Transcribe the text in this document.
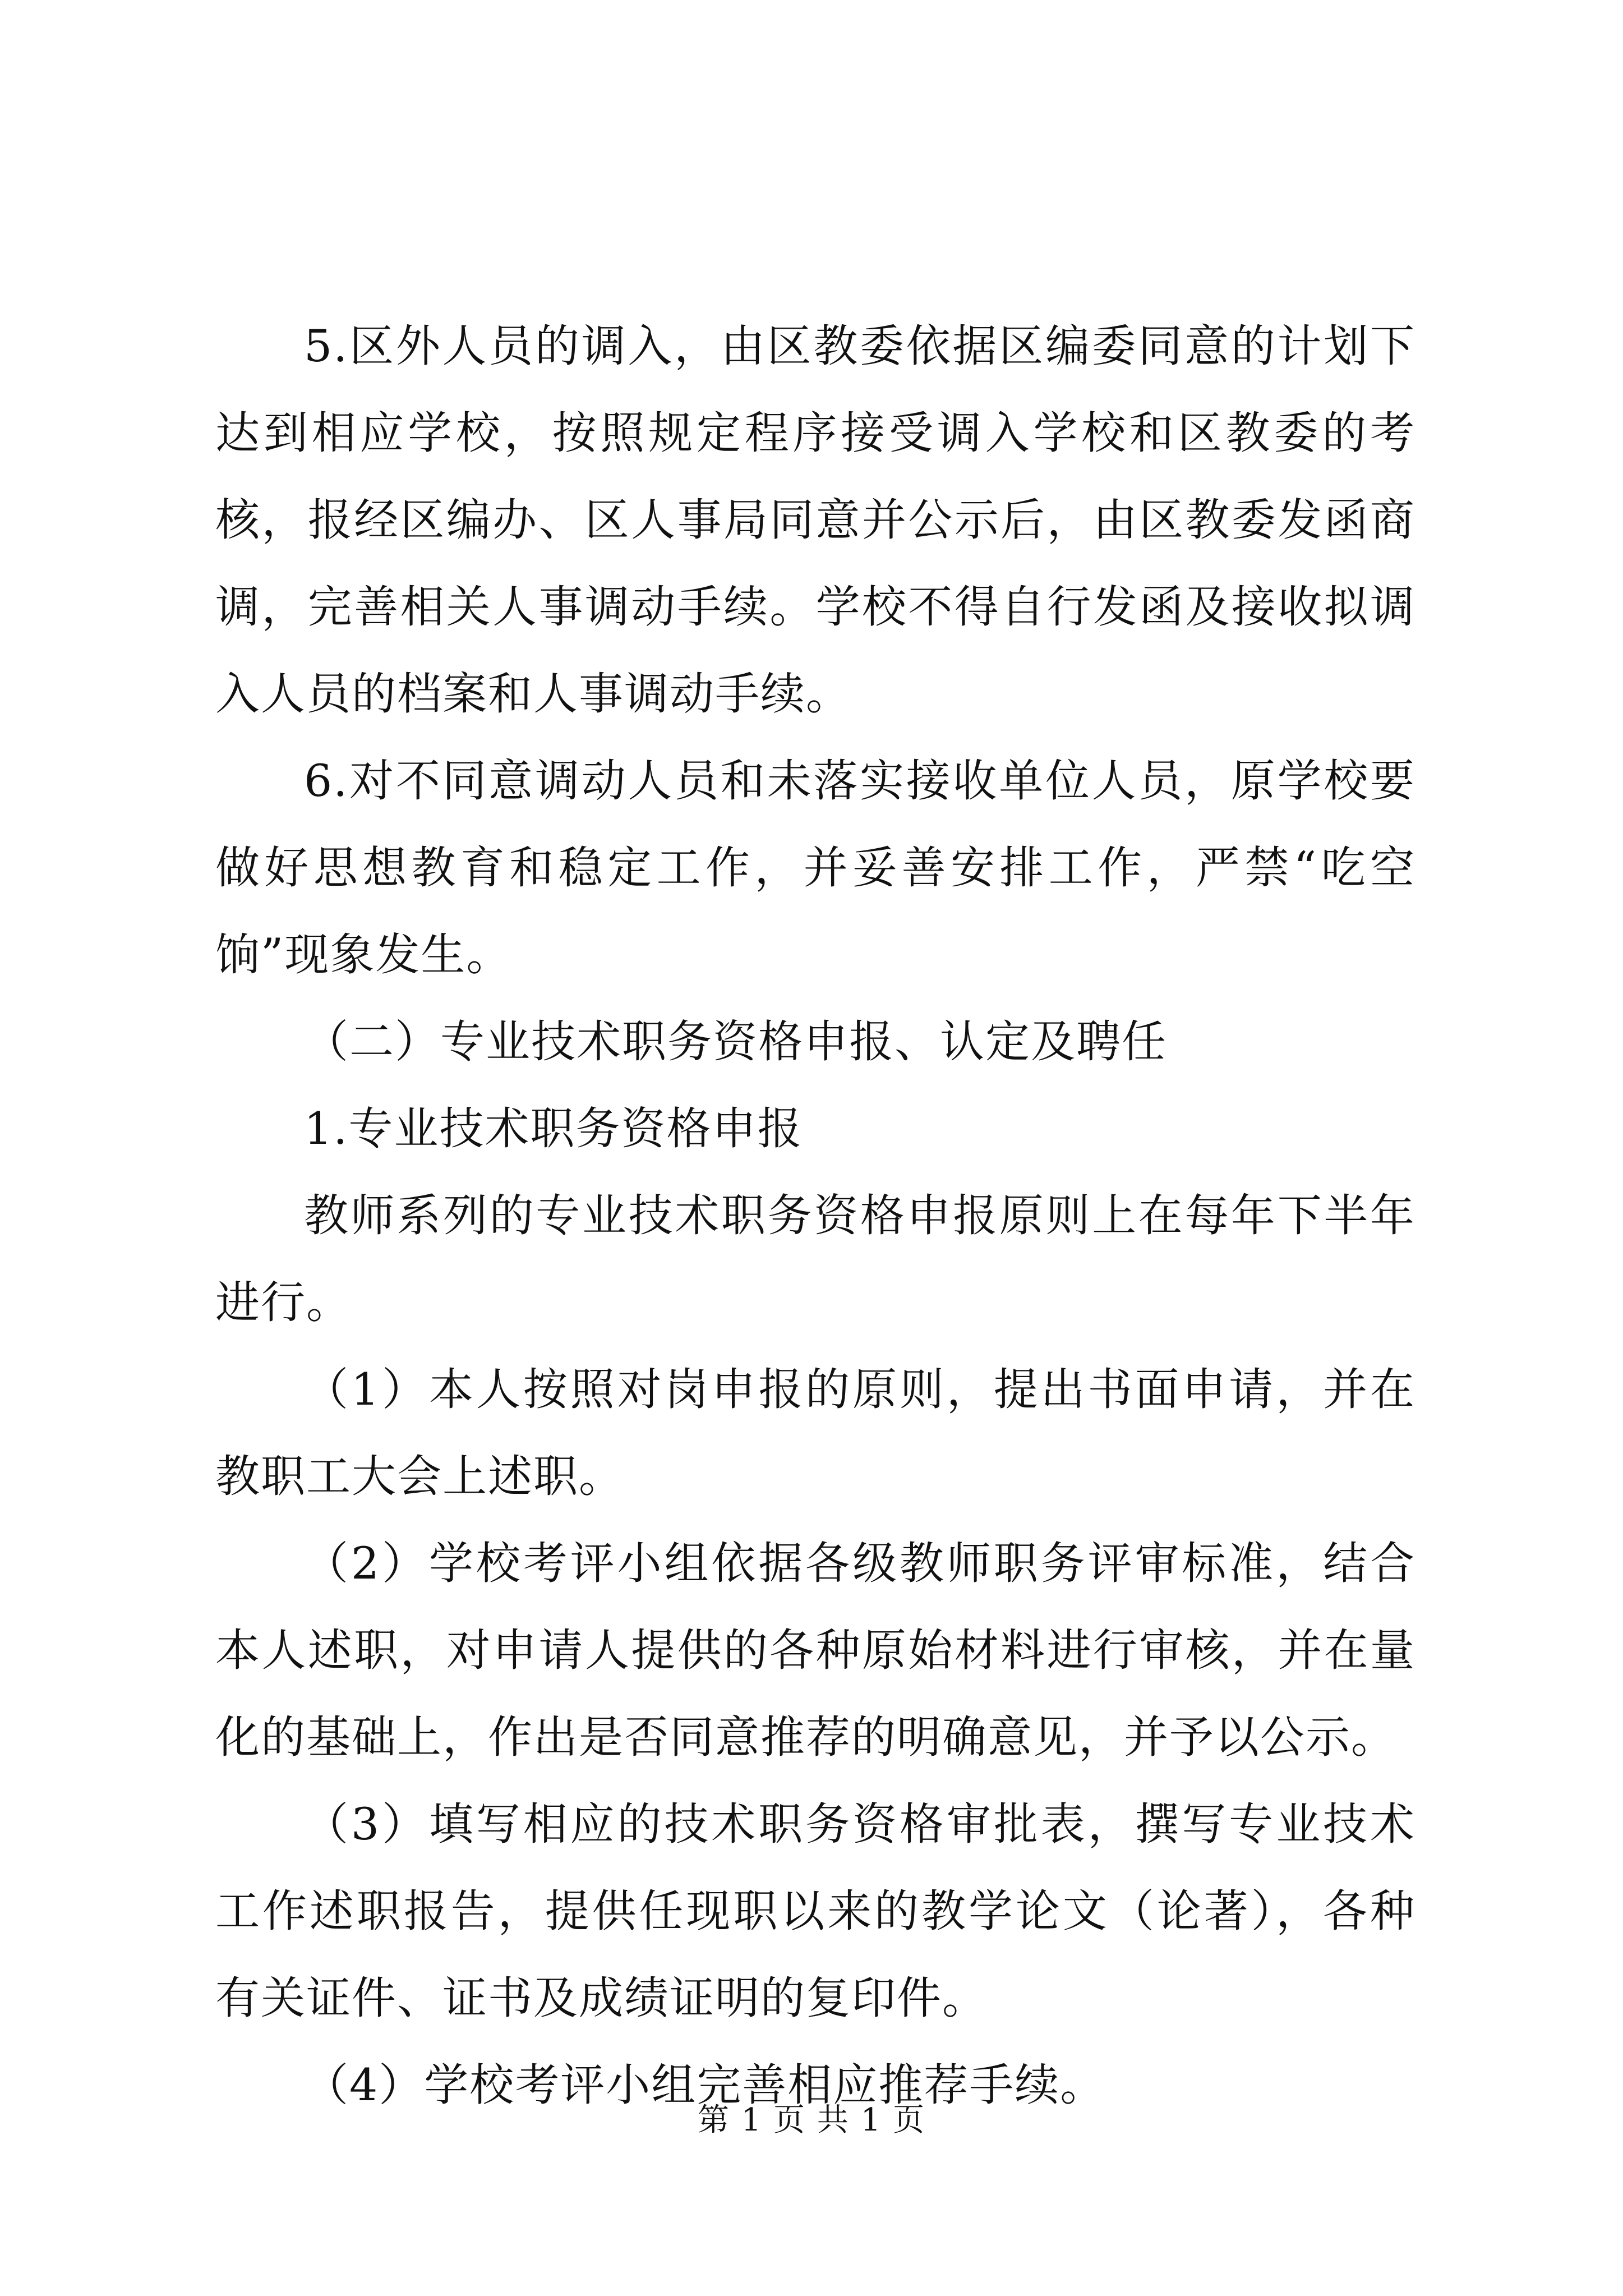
5.区外人员的调入，由区教委依据区编委同意的计划下达到相应学校，按照规定程序接受调入学校和区教委的考核，报经区编办、区人事局同意并公示后，由区教委发函商调，完善相关人事调动手续。学校不得自行发函及接收拟调入人员的档案和人事调动手续。

6.对不同意调动人员和未落实接收单位人员，原学校要做好思想教育和稳定工作，并妥善安排工作，严禁“吃空饷”现象发生。

（二）专业技术职务资格申报、认定及聘任

1.专业技术职务资格申报

教师系列的专业技术职务资格申报原则上在每年下半年进行。

（1）本人按照对岗申报的原则，提出书面申请，并在教职工大会上述职。

（2）学校考评小组依据各级教师职务评审标准，结合本人述职，对申请人提供的各种原始材料进行审核，并在量化的基础上，作出是否同意推荐的明确意见，并予以公示。

（3）填写相应的技术职务资格审批表，撰写专业技术工作述职报告，提供任现职以来的教学论文（论著），各种有关证件、证书及成绩证明的复印件。

（4）学校考评小组完善相应推荐手续。

第 1 页 共 1 页
